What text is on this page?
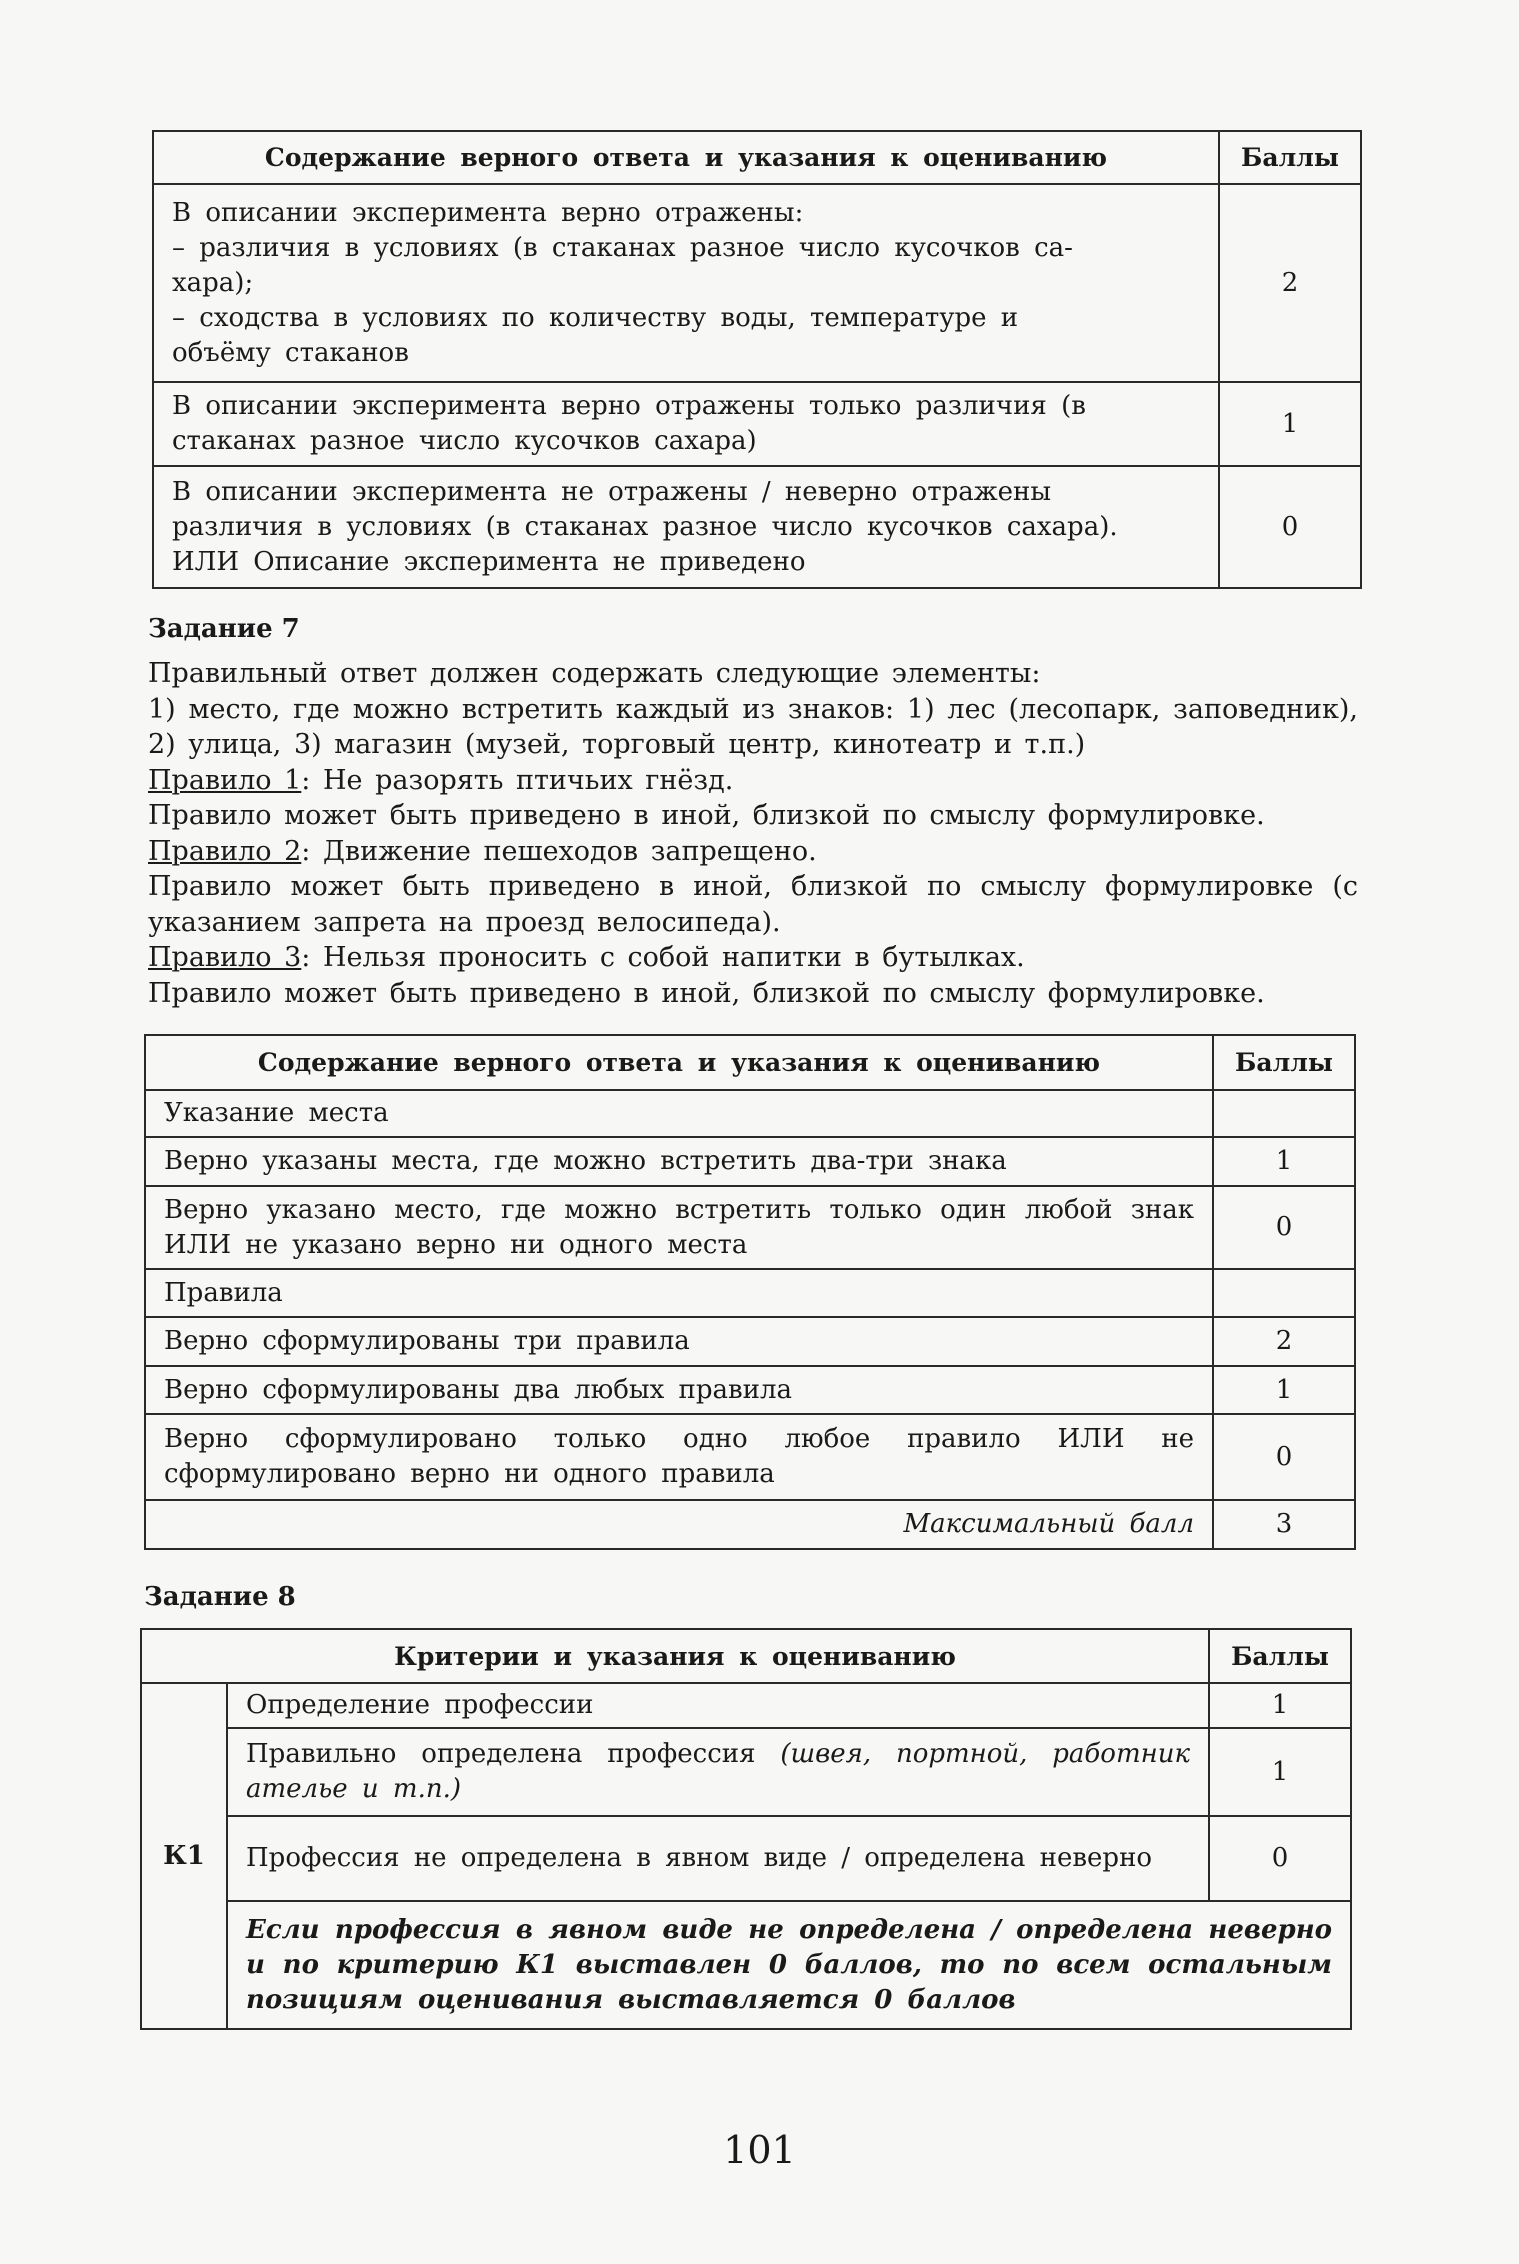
Содержание верного ответа и указания к оцениванию	Баллы
В описании эксперимента верно отражены:
– различия в условиях (в стаканах разное число кусочков са-
хара);
– сходства в условиях по количеству воды, температуре и
объёму стаканов	2
В описании эксперимента верно отражены только различия (в
стаканах разное число кусочков сахара)	1
В описании эксперимента не отражены / неверно отражены
различия в условиях (в стаканах разное число кусочков сахара).
ИЛИ Описание эксперимента не приведено	0
Задание 7

Правильный ответ должен содержать следующие элементы:

1) место, где можно встретить каждый из знаков: 1) лес (лесопарк, заповедник), 2) улица, 3) магазин (музей, торговый центр, кинотеатр и т.п.)

Правило 1: Не разорять птичьих гнёзд.

Правило может быть приведено в иной, близкой по смыслу формулировке.

Правило 2: Движение пешеходов запрещено.

Правило может быть приведено в иной, близкой по смыслу формулировке (с указанием запрета на проезд велосипеда).

Правило 3: Нельзя проносить с собой напитки в бутылках.

Правило может быть приведено в иной, близкой по смыслу формулировке.

Содержание верного ответа и указания к оцениванию	Баллы
Указание места	
Верно указаны места, где можно встретить два-три знака	1
Верно указано место, где можно встретить только один любой знак ИЛИ не указано верно ни одного места	0
Правила	
Верно сформулированы три правила	2
Верно сформулированы два любых правила	1
Верно сформулировано только одно любое правило ИЛИ не сформулировано верно ни одного правила	0
Максимальный балл	3
Задание 8
Критерии и указания к оцениванию		Баллы
К1	Определение профессии	1
	Правильно определена профессия (швея, портной, работник ателье и т.п.)	1
	Профессия не определена в явном виде / определена неверно	0
	Если профессия в явном виде не определена / определена неверно и по критерию К1 выставлен 0 баллов, то по всем остальным позициям оценивания выставляется 0 баллов	
101
